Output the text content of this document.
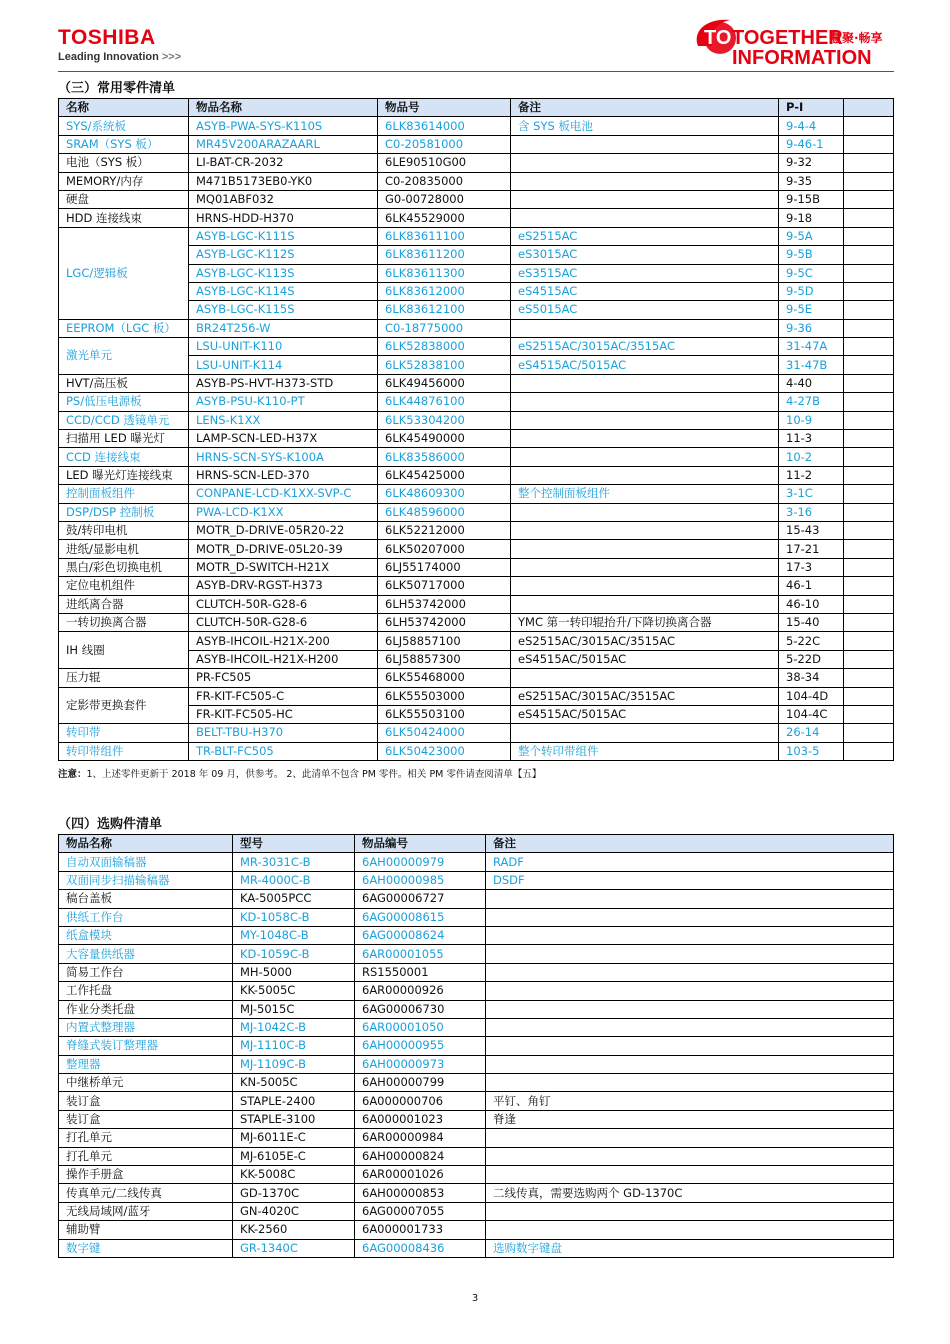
TOSHIBA
Leading Innovation >>>
TO TOGETHER
慧聚·畅享
INFORMATION
（三）常用零件清单
名称	物品名称	物品号	备注	P-I	
SYS/系统板	ASYB-PWA-SYS-K110S	6LK83614000	含 SYS 板电池	9-4-4	
SRAM（SYS 板）	MR45V200ARAZAARL	C0-20581000		9-46-1	
电池（SYS 板）	LI-BAT-CR-2032	6LE90510G00		9-32	
MEMORY/内存	M471B5173EB0-YK0	C0-20835000		9-35	
硬盘	MQ01ABF032	G0-00728000		9-15B	
HDD 连接线束	HRNS-HDD-H370	6LK45529000		9-18	
LGC/逻辑板	ASYB-LGC-K111S	6LK83611100	eS2515AC	9-5A	
	ASYB-LGC-K112S	6LK83611200	eS3015AC	9-5B	
	ASYB-LGC-K113S	6LK83611300	eS3515AC	9-5C	
	ASYB-LGC-K114S	6LK83612000	eS4515AC	9-5D	
	ASYB-LGC-K115S	6LK83612100	eS5015AC	9-5E	
EEPROM（LGC 板）	BR24T256-W	C0-18775000		9-36	
激光单元	LSU-UNIT-K110	6LK52838000	eS2515AC/3015AC/3515AC	31-47A	
	LSU-UNIT-K114	6LK52838100	eS4515AC/5015AC	31-47B	
HVT/高压板	ASYB-PS-HVT-H373-STD	6LK49456000		4-40	
PS/低压电源板	ASYB-PSU-K110-PT	6LK44876100		4-27B	
CCD/CCD 透镜单元	LENS-K1XX	6LK53304200		10-9	
扫描用 LED 曝光灯	LAMP-SCN-LED-H37X	6LK45490000		11-3	
CCD 连接线束	HRNS-SCN-SYS-K100A	6LK83586000		10-2	
LED 曝光灯连接线束	HRNS-SCN-LED-370	6LK45425000		11-2	
控制面板组件	CONPANE-LCD-K1XX-SVP-C	6LK48609300	整个控制面板组件	3-1C	
DSP/DSP 控制板	PWA-LCD-K1XX	6LK48596000		3-16	
鼓/转印电机	MOTR_D-DRIVE-05R20-22	6LK52212000		15-43	
进纸/显影电机	MOTR_D-DRIVE-05L20-39	6LK50207000		17-21	
黑白/彩色切换电机	MOTR_D-SWITCH-H21X	6LJ55174000		17-3	
定位电机组件	ASYB-DRV-RGST-H373	6LK50717000		46-1	
进纸离合器	CLUTCH-50R-G28-6	6LH53742000		46-10	
一转切换离合器	CLUTCH-50R-G28-6	6LH53742000	YMC 第一转印辊抬升/下降切换离合器	15-40	
IH 线圈	ASYB-IHCOIL-H21X-200	6LJ58857100	eS2515AC/3015AC/3515AC	5-22C	
	ASYB-IHCOIL-H21X-H200	6LJ58857300	eS4515AC/5015AC	5-22D	
压力辊	PR-FC505	6LK55468000		38-34	
定影带更换套件	FR-KIT-FC505-C	6LK55503000	eS2515AC/3015AC/3515AC	104-4D	
	FR-KIT-FC505-HC	6LK55503100	eS4515AC/5015AC	104-4C	
转印带	BELT-TBU-H370	6LK50424000		26-14	
转印带组件	TR-BLT-FC505	6LK50423000	整个转印带组件	103-5	
注意：1、上述零件更新于 2018 年 09 月，供参考。 2、此清单不包含 PM 零件。相关 PM 零件请查阅清单【五】
（四）选购件清单
物品名称	型号	物品编号	备注
自动双面输稿器	MR-3031C-B	6AH00000979	RADF
双面同步扫描输稿器	MR-4000C-B	6AH00000985	DSDF
稿台盖板	KA-5005PCC	6AG00006727	
供纸工作台	KD-1058C-B	6AG00008615	
纸盒模块	MY-1048C-B	6AG00008624	
大容量供纸器	KD-1059C-B	6AR00001055	
简易工作台	MH-5000	RS1550001	
工作托盘	KK-5005C	6AR00000926	
作业分类托盘	MJ-5015C	6AG00006730	
内置式整理器	MJ-1042C-B	6AR00001050	
脊缝式装订整理器	MJ-1110C-B	6AH00000955	
整理器	MJ-1109C-B	6AH00000973	
中继桥单元	KN-5005C	6AH00000799	
装订盒	STAPLE-2400	6A000000706	平钉、角钉
装订盒	STAPLE-3100	6A000001023	脊逢
打孔单元	MJ-6011E-C	6AR00000984	
打孔单元	MJ-6105E-C	6AH00000824	
操作手册盒	KK-5008C	6AR00001026	
传真单元/二线传真	GD-1370C	6AH00000853	二线传真，需要选购两个 GD-1370C
无线局域网/蓝牙	GN-4020C	6AG00007055	
辅助臂	KK-2560	6A000001733	
数字键	GR-1340C	6AG00008436	选购数字键盘
3
